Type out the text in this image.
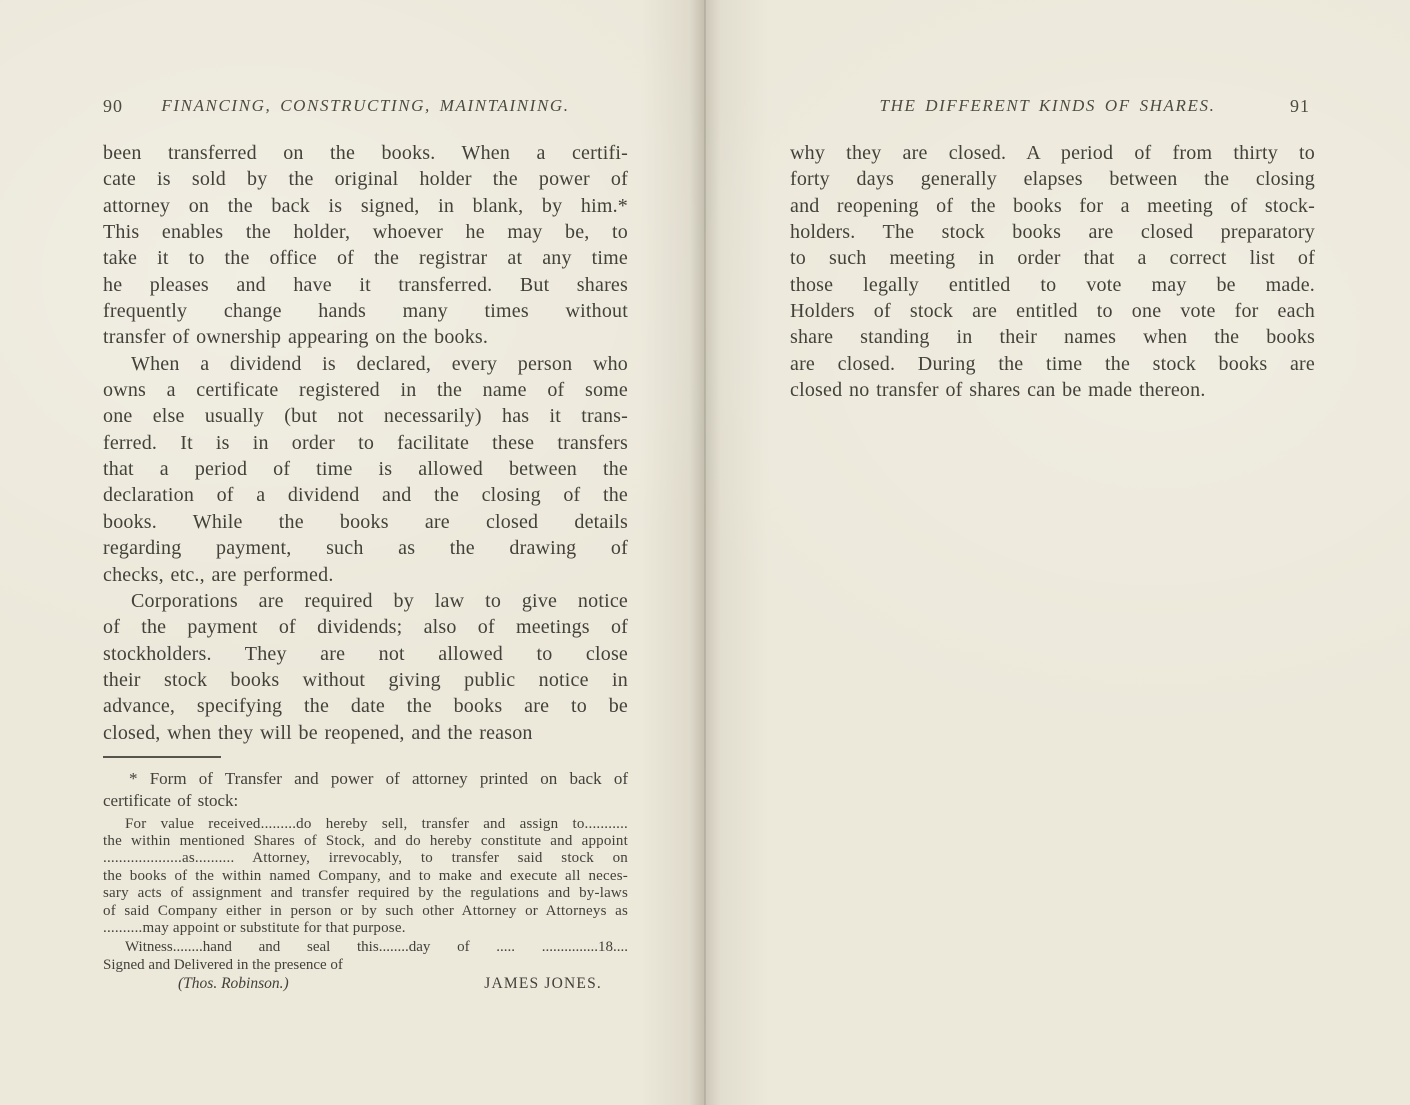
90	FINANCING, CONSTRUCTING, MAINTAINING.
been transferred on the books. When a certifi-
cate is sold by the original holder the power of
attorney on the back is signed, in blank, by him.*
This enables the holder, whoever he may be, to
take it to the office of the registrar at any time
he pleases and have it transferred. But shares
frequently change hands many times without
transfer of ownership appearing on the books.
When a dividend is declared, every person who
owns a certificate registered in the name of some
one else usually (but not necessarily) has it trans-
ferred. It is in order to facilitate these transfers
that a period of time is allowed between the
declaration of a dividend and the closing of the
books. While the books are closed details
regarding payment, such as the drawing of
checks, etc., are performed.
Corporations are required by law to give notice
of the payment of dividends; also of meetings of
stockholders. They are not allowed to close
their stock books without giving public notice in
advance, specifying the date the books are to be
closed, when they will be reopened, and the reason
* Form of Transfer and power of attorney printed on back of
certificate of stock:
For value received.........do hereby sell, transfer and assign to...........
the within mentioned Shares of Stock, and do hereby constitute and appoint
....................as.......... Attorney, irrevocably, to transfer said stock on
the books of the within named Company, and to make and execute all neces-
sary acts of assignment and transfer required by the regulations and by-laws
of said Company either in person or by such other Attorney or Attorneys as
..........may appoint or substitute for that purpose.
Witness........hand and seal this........day of ..... ...............18....
Signed and Delivered in the presence of
(Thos. Robinson.)	JAMES JONES.
THE DIFFERENT KINDS OF SHARES.	91
why they are closed. A period of from thirty to
forty days generally elapses between the closing
and reopening of the books for a meeting of stock-
holders. The stock books are closed preparatory
to such meeting in order that a correct list of
those legally entitled to vote may be made.
Holders of stock are entitled to one vote for each
share standing in their names when the books
are closed. During the time the stock books are
closed no transfer of shares can be made thereon.
